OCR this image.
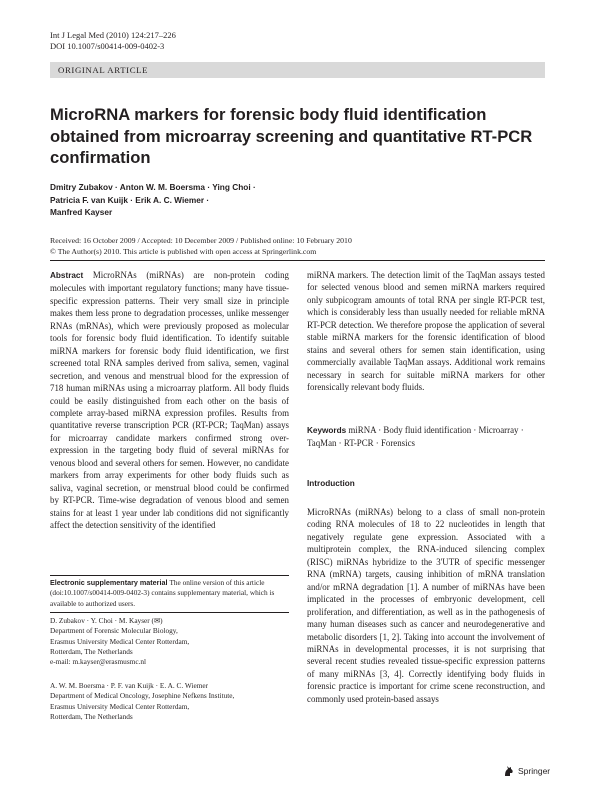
Int J Legal Med (2010) 124:217–226
DOI 10.1007/s00414-009-0402-3
ORIGINAL ARTICLE
MicroRNA markers for forensic body fluid identification obtained from microarray screening and quantitative RT-PCR confirmation
Dmitry Zubakov · Anton W. M. Boersma · Ying Choi ·
Patricia F. van Kuijk · Erik A. C. Wiemer ·
Manfred Kayser
Received: 16 October 2009 / Accepted: 10 December 2009 / Published online: 10 February 2010
© The Author(s) 2010. This article is published with open access at Springerlink.com
Abstract MicroRNAs (miRNAs) are non-protein coding molecules with important regulatory functions; many have tissue-specific expression patterns. Their very small size in principle makes them less prone to degradation processes, unlike messenger RNAs (mRNAs), which were previously proposed as molecular tools for forensic body fluid identification. To identify suitable miRNA markers for forensic body fluid identification, we first screened total RNA samples derived from saliva, semen, vaginal secretion, and venous and menstrual blood for the expression of 718 human miRNAs using a microarray platform. All body fluids could be easily distinguished from each other on the basis of complete array-based miRNA expression profiles. Results from quantitative reverse transcription PCR (RT-PCR; TaqMan) assays for microarray candidate markers confirmed strong over-expression in the targeting body fluid of several miRNAs for venous blood and several others for semen. However, no candidate markers from array experiments for other body fluids such as saliva, vaginal secretion, or menstrual blood could be confirmed by RT-PCR. Time-wise degradation of venous blood and semen stains for at least 1 year under lab conditions did not significantly affect the detection sensitivity of the identified
miRNA markers. The detection limit of the TaqMan assays tested for selected venous blood and semen miRNA markers required only subpicogram amounts of total RNA per single RT-PCR test, which is considerably less than usually needed for reliable mRNA RT-PCR detection. We therefore propose the application of several stable miRNA markers for the forensic identification of blood stains and several others for semen stain identification, using commercially available TaqMan assays. Additional work remains necessary in search for suitable miRNA markers for other forensically relevant body fluids.
Keywords miRNA · Body fluid identification · Microarray · TaqMan · RT-PCR · Forensics
Introduction
MicroRNAs (miRNAs) belong to a class of small non-protein coding RNA molecules of 18 to 22 nucleotides in length that negatively regulate gene expression. Associated with a multiprotein complex, the RNA-induced silencing complex (RISC) miRNAs hybridize to the 3'UTR of specific messenger RNA (mRNA) targets, causing inhibition of mRNA translation and/or mRNA degradation [1]. A number of miRNAs have been implicated in the processes of embryonic development, cell proliferation, and differentiation, as well as in the pathogenesis of many human diseases such as cancer and neurodegenerative and metabolic disorders [1, 2]. Taking into account the involvement of miRNAs in developmental processes, it is not surprising that several recent studies revealed tissue-specific expression patterns of many miRNAs [3, 4]. Correctly identifying body fluids in forensic practice is important for crime scene reconstruction, and commonly used protein-based assays
Electronic supplementary material The online version of this article (doi:10.1007/s00414-009-0402-3) contains supplementary material, which is available to authorized users.
D. Zubakov · Y. Choi · M. Kayser (✉)
Department of Forensic Molecular Biology,
Erasmus University Medical Center Rotterdam,
Rotterdam, The Netherlands
e-mail: m.kayser@erasmusmc.nl
A. W. M. Boersma · P. F. van Kuijk · E. A. C. Wiemer
Department of Medical Oncology, Josephine Nefkens Institute,
Erasmus University Medical Center Rotterdam,
Rotterdam, The Netherlands
Springer
